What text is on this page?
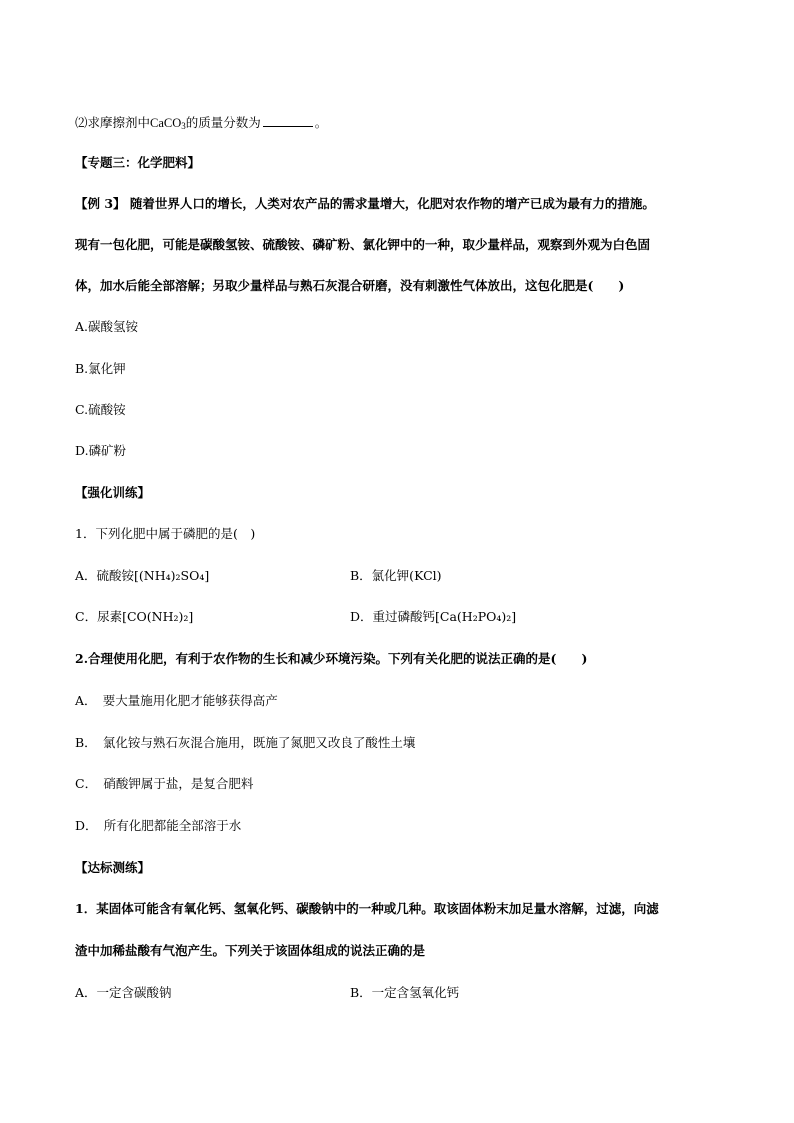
⑵求摩擦剂中CaCO$_3$的质量分数为	。
【专题三：化学肥料】
【例 3】 随着世界人口的增长，人类对农产品的需求量增大，化肥对农作物的增产已成为最有力的措施。
现有一包化肥，可能是碳酸氢铵、硫酸铵、磷矿粉、氯化钾中的一种，取少量样品，观察到外观为白色固
体，加水后能全部溶解；另取少量样品与熟石灰混合研磨，没有刺激性气体放出，这包化肥是(　　)
A.碳酸氢铵
B.氯化钾
C.硫酸铵
D.磷矿粉
【强化训练】
1．下列化肥中属于磷肥的是(　)
A．硫酸铵[(NH₄)₂SO₄]	B．氯化钾(KCl)
C．尿素[CO(NH₂)₂]	D．重过磷酸钙[Ca(H₂PO₄)₂]
2.合理使用化肥，有利于农作物的生长和减少环境污染。下列有关化肥的说法正确的是(　　)
A．　要大量施用化肥才能够获得高产
B．　氯化铵与熟石灰混合施用，既施了氮肥又改良了酸性土壤
C．　硝酸钾属于盐，是复合肥料
D．　所有化肥都能全部溶于水
【达标测练】
1．某固体可能含有氧化钙、氢氧化钙、碳酸钠中的一种或几种。取该固体粉末加足量水溶解，过滤，向滤
渣中加稀盐酸有气泡产生。下列关于该固体组成的说法正确的是
A．一定含碳酸钠	B．一定含氢氧化钙
